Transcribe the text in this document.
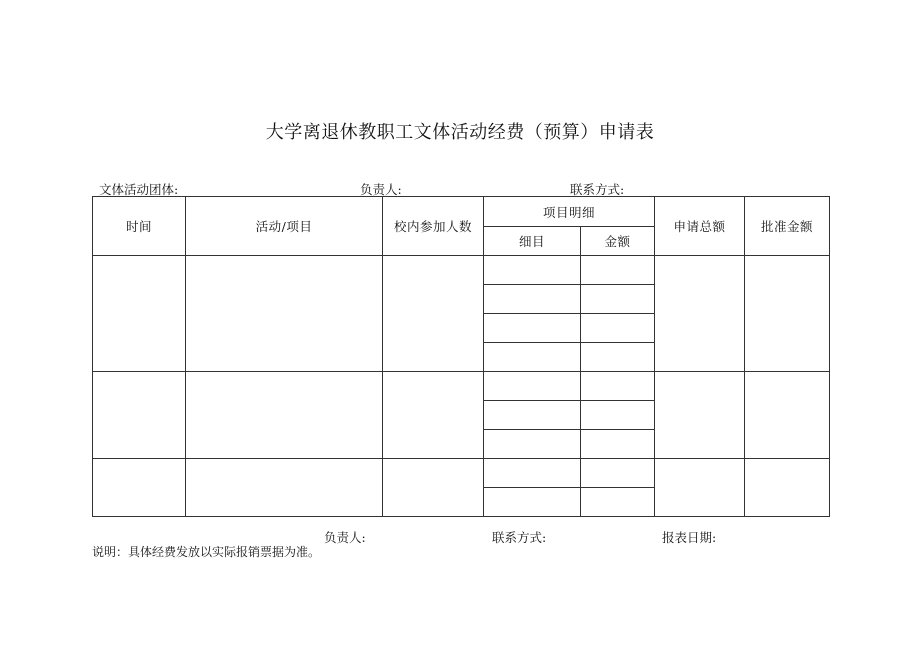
大学离退休教职工文体活动经费（预算）申请表
文体活动团体:	负责人:	联系方式:
时间	活动/项目	校内参加人数	项目明细		申请总额	批准金额
			细目	金额		

负责人:	联系方式:	报表日期:
说明：具体经费发放以实际报销票据为准。
